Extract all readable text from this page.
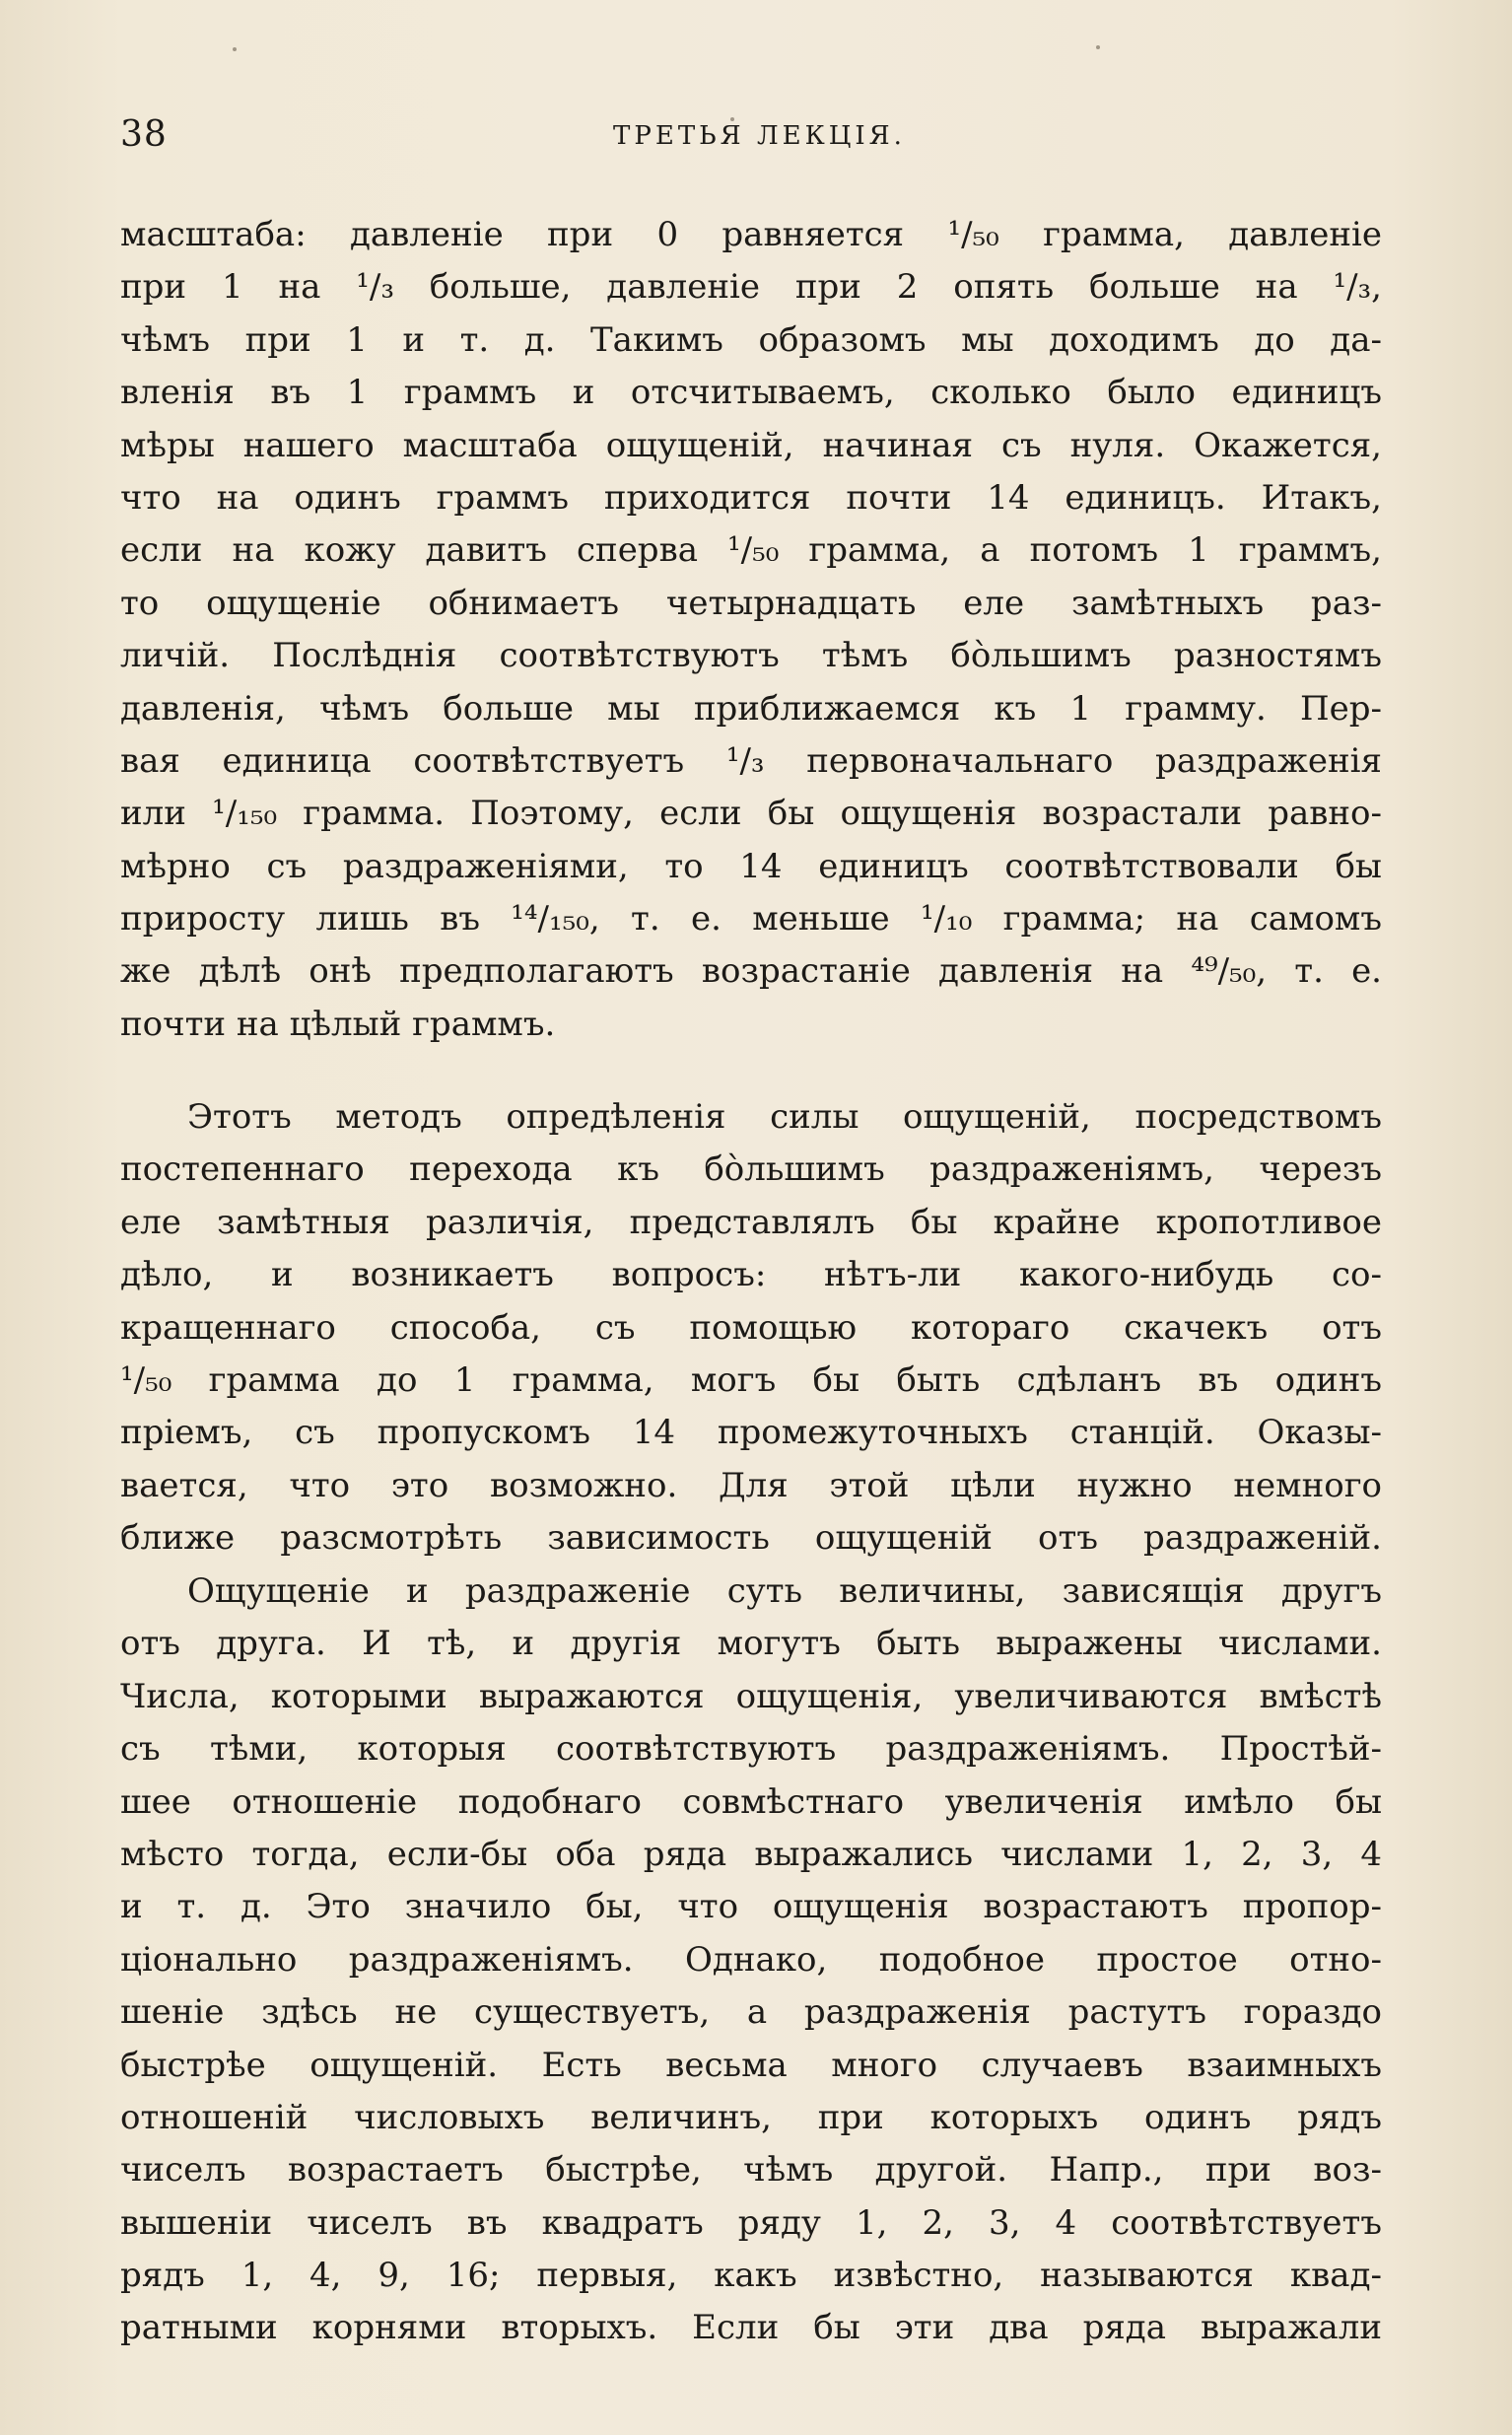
38	ТРЕТЬЯ ЛЕКЦІЯ.
масштаба: давленіе при 0 равняется ¹/₅₀ грамма, давленіе
при 1 на ¹/₃ больше, давленіе при 2 опять больше на ¹/₃,
чѣмъ при 1 и т. д. Такимъ образомъ мы доходимъ до да-
вленія въ 1 граммъ и отсчитываемъ, сколько было единицъ
мѣры нашего масштаба ощущеній, начиная съ нуля. Окажется,
что на одинъ граммъ приходится почти 14 единицъ. Итакъ,
если на кожу давитъ сперва ¹/₅₀ грамма, а потомъ 1 граммъ,
то ощущеніе обнимаетъ четырнадцать еле замѣтныхъ раз-
личій. Послѣднія соотвѣтствуютъ тѣмъ бо̀льшимъ разностямъ
давленія, чѣмъ больше мы приближаемся къ 1 грамму. Пер-
вая единица соотвѣтствуетъ ¹/₃ первоначальнаго раздраженія
или ¹/₁₅₀ грамма. Поэтому, если бы ощущенія возрастали равно-
мѣрно съ раздраженіями, то 14 единицъ соотвѣтствовали бы
приросту лишь въ ¹⁴/₁₅₀, т. е. меньше ¹/₁₀ грамма; на самомъ
же дѣлѣ онѣ предполагаютъ возрастаніе давленія на ⁴⁹/₅₀, т. е.
почти на цѣлый граммъ.
Этотъ методъ опредѣленія силы ощущеній, посредствомъ
постепеннаго перехода къ бо̀льшимъ раздраженіямъ, черезъ
еле замѣтныя различія, представлялъ бы крайне кропотливое
дѣло, и возникаетъ вопросъ: нѣтъ-ли какого-нибудь со-
кращеннаго способа, съ помощью котораго скачекъ отъ
¹/₅₀ грамма до 1 грамма, могъ бы быть сдѣланъ въ одинъ
пріемъ, съ пропускомъ 14 промежуточныхъ станцій. Оказы-
вается, что это возможно. Для этой цѣли нужно немного
ближе разсмотрѣть зависимость ощущеній отъ раздраженій.
Ощущеніе и раздраженіе суть величины, зависящія другъ
отъ друга. И тѣ, и другія могутъ быть выражены числами.
Числа, которыми выражаются ощущенія, увеличиваются вмѣстѣ
съ тѣми, которыя соотвѣтствуютъ раздраженіямъ. Простѣй-
шее отношеніе подобнаго совмѣстнаго увеличенія имѣло бы
мѣсто тогда, если-бы оба ряда выражались числами 1, 2, 3, 4
и т. д. Это значило бы, что ощущенія возрастаютъ пропор-
ціонально раздраженіямъ. Однако, подобное простое отно-
шеніе здѣсь не существуетъ, а раздраженія растутъ гораздо
быстрѣе ощущеній. Есть весьма много случаевъ взаимныхъ
отношеній числовыхъ величинъ, при которыхъ одинъ рядъ
чиселъ возрастаетъ быстрѣе, чѣмъ другой. Напр., при воз-
вышеніи чиселъ въ квадратъ ряду 1, 2, 3, 4 соотвѣтствуетъ
рядъ 1, 4, 9, 16; первыя, какъ извѣстно, называются квад-
ратными корнями вторыхъ. Если бы эти два ряда выражали
